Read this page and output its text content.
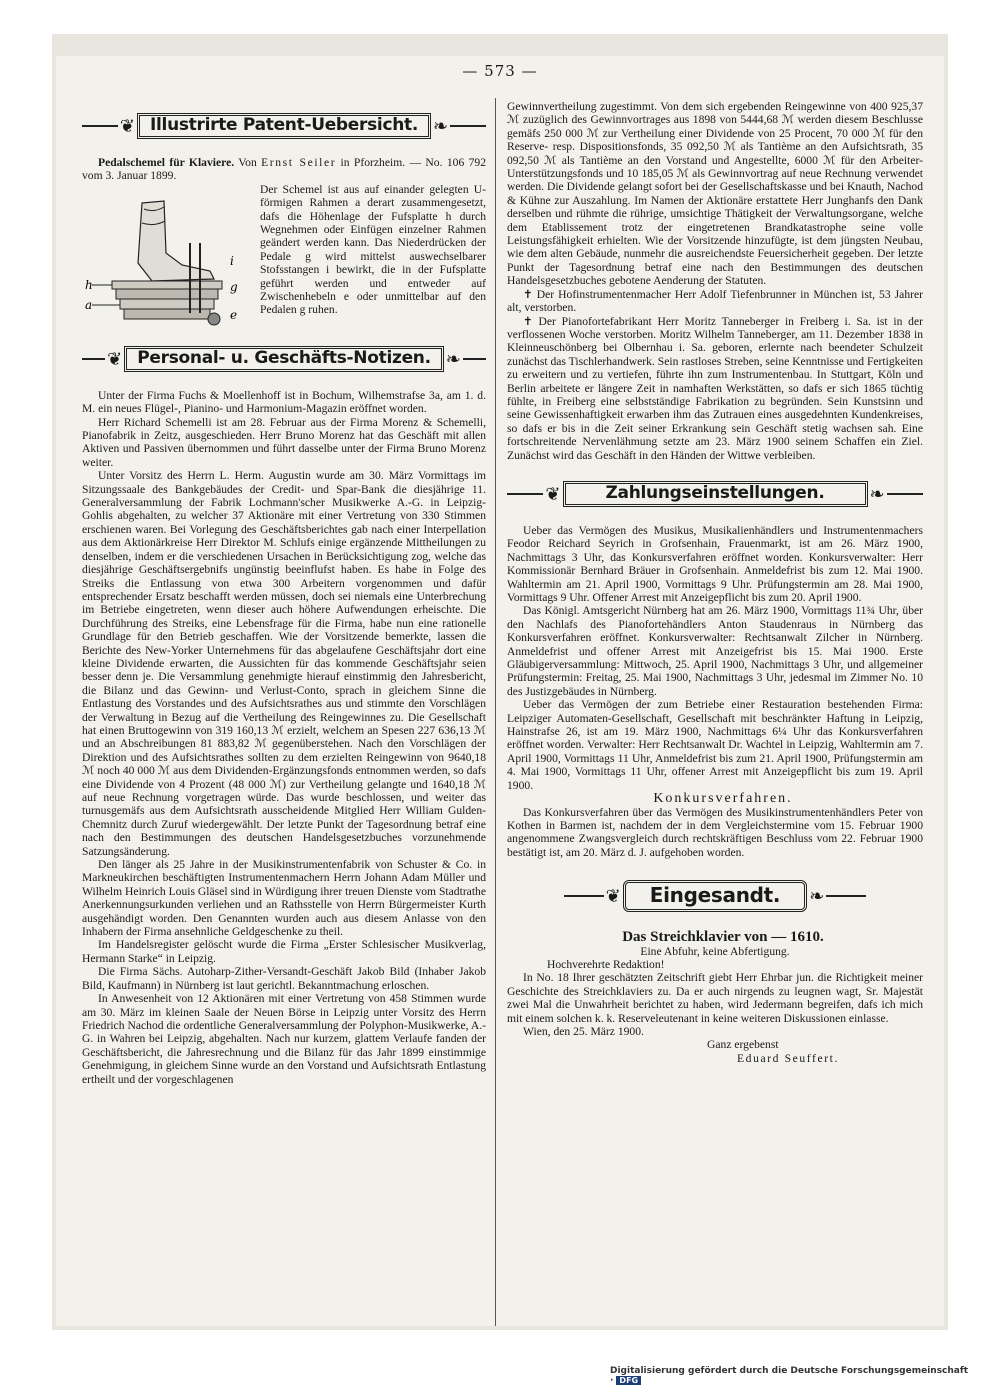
— 573 —
❦ Illustrirte Patent-Uebersicht. ❧

Pedalschemel für Klaviere. Von Ernst Seiler in Pforzheim. — No. 106 792 vom 3. Januar 1899.

h
a
i
g
e
Der Schemel ist aus auf einander gelegten U-förmigen Rahmen a derart zusammengesetzt, dafs die Höhenlage der Fufsplatte h durch Wegnehmen oder Einfügen einzelner Rahmen geändert werden kann. Das Niederdrücken der Pedale g wird mittelst auswechselbarer Stofsstangen i bewirkt, die in der Fufsplatte geführt werden und entweder auf Zwischenhebeln e oder unmittelbar auf den Pedalen g ruhen.
❦ Personal- u. Geschäfts-Notizen. ❧

Unter der Firma Fuchs & Moellenhoff ist in Bochum, Wilhemstrafse 3a, am 1. d. M. ein neues Flügel-, Pianino- und Harmonium-Magazin eröffnet worden.

Herr Richard Schemelli ist am 28. Februar aus der Firma Morenz & Schemelli, Pianofabrik in Zeitz, ausgeschieden. Herr Bruno Morenz hat das Geschäft mit allen Aktiven und Passiven übernommen und führt dasselbe unter der Firma Bruno Morenz weiter.

Unter Vorsitz des Herrn L. Herm. Augustin wurde am 30. März Vormittags im Sitzungssaale des Bankgebäudes der Credit- und Spar-Bank die diesjährige 11. Generalversammlung der Fabrik Lochmann'scher Musikwerke A.-G. in Leipzig-Gohlis abgehalten, zu welcher 37 Aktionäre mit einer Vertretung von 330 Stimmen erschienen waren. Bei Vorlegung des Geschäftsberichtes gab nach einer Interpellation aus dem Aktionärkreise Herr Direktor M. Schlufs einige ergänzende Mittheilungen zu denselben, indem er die verschiedenen Ursachen in Berücksichtigung zog, welche das diesjährige Geschäftsergebnifs ungünstig beeinflufst haben. Es habe in Folge des Streiks die Entlassung von etwa 300 Arbeitern vorgenommen und dafür entsprechender Ersatz beschafft werden müssen, doch sei niemals eine Unterbrechung im Betriebe eingetreten, wenn dieser auch höhere Aufwendungen erheischte. Die Durchführung des Streiks, eine Lebensfrage für die Firma, habe nun eine rationelle Grundlage für den Betrieb geschaffen. Wie der Vorsitzende bemerkte, lassen die Berichte des New-Yorker Unternehmens für das abgelaufene Geschäftsjahr dort eine kleine Dividende erwarten, die Aussichten für das kommende Geschäftsjahr seien besser denn je. Die Versammlung genehmigte hierauf einstimmig den Jahresbericht, die Bilanz und das Gewinn- und Verlust-Conto, sprach in gleichem Sinne die Entlastung des Vorstandes und des Aufsichtsrathes aus und stimmte den Vorschlägen der Verwaltung in Bezug auf die Vertheilung des Reingewinnes zu. Die Gesellschaft hat einen Bruttogewinn von 319 160,13 ℳ erzielt, welchem an Spesen 227 636,13 ℳ und an Abschreibungen 81 883,82 ℳ gegenüberstehen. Nach den Vorschlägen der Direktion und des Aufsichtsrathes sollten zu dem erzielten Reingewinn von 9640,18 ℳ noch 40 000 ℳ aus dem Dividenden-Ergänzungsfonds entnommen werden, so dafs eine Dividende von 4 Prozent (48 000 ℳ) zur Vertheilung gelangte und 1640,18 ℳ auf neue Rechnung vorgetragen würde. Das wurde beschlossen, und weiter das turnusgemäfs aus dem Aufsichtsrath ausscheidende Mitglied Herr William Gulden-Chemnitz durch Zuruf wiedergewählt. Der letzte Punkt der Tagesordnung betraf eine nach den Bestimmungen des deutschen Handelsgesetzbuches vorzunehmende Satzungsänderung.

Den länger als 25 Jahre in der Musikinstrumentenfabrik von Schuster & Co. in Markneukirchen beschäftigten Instrumentenmachern Herrn Johann Adam Müller und Wilhelm Heinrich Louis Gläsel sind in Würdigung ihrer treuen Dienste vom Stadtrathe Anerkennungsurkunden verliehen und an Rathsstelle von Herrn Bürgermeister Kurth ausgehändigt worden. Den Genannten wurden auch aus diesem Anlasse von den Inhabern der Firma ansehnliche Geldgeschenke zu theil.

Im Handelsregister gelöscht wurde die Firma „Erster Schlesischer Musikverlag, Hermann Starke“ in Leipzig.

Die Firma Sächs. Autoharp-Zither-Versandt-Geschäft Jakob Bild (Inhaber Jakob Bild, Kaufmann) in Nürnberg ist laut gerichtl. Bekanntmachung erloschen.

In Anwesenheit von 12 Aktionären mit einer Vertretung von 458 Stimmen wurde am 30. März im kleinen Saale der Neuen Börse in Leipzig unter Vorsitz des Herrn Friedrich Nachod die ordentliche Generalversammlung der Polyphon-Musikwerke, A.-G. in Wahren bei Leipzig, abgehalten. Nach nur kurzem, glattem Verlaufe fanden der Geschäftsbericht, die Jahresrechnung und die Bilanz für das Jahr 1899 einstimmige Genehmigung, in gleichem Sinne wurde an den Vorstand und Aufsichtsrath Entlastung ertheilt und der vorgeschlagenen

Gewinnvertheilung zugestimmt. Von dem sich ergebenden Reingewinne von 400 925,37 ℳ zuzüglich des Gewinnvortrages aus 1898 von 5444,68 ℳ werden diesem Beschlusse gemäfs 250 000 ℳ zur Vertheilung einer Dividende von 25 Procent, 70 000 ℳ für den Reserve- resp. Dispositionsfonds, 35 092,50 ℳ als Tantième an den Aufsichtsrath, 35 092,50 ℳ als Tantième an den Vorstand und Angestellte, 6000 ℳ für den Arbeiter-Unterstützungsfonds und 10 185,05 ℳ als Gewinnvortrag auf neue Rechnung verwendet werden. Die Dividende gelangt sofort bei der Gesellschaftskasse und bei Knauth, Nachod & Kühne zur Auszahlung. Im Namen der Aktionäre erstattete Herr Junghanfs den Dank derselben und rühmte die rührige, umsichtige Thätigkeit der Verwaltungsorgane, welche dem Etablissement trotz der eingetretenen Brandkatastrophe seine volle Leistungsfähigkeit erhielten. Wie der Vorsitzende hinzufügte, ist dem jüngsten Neubau, wie dem alten Gebäude, nunmehr die ausreichendste Feuersicherheit gegeben. Der letzte Punkt der Tagesordnung betraf eine nach den Bestimmungen des deutschen Handelsgesetzbuches gebotene Aenderung der Statuten.

✝ Der Hofinstrumentenmacher Herr Adolf Tiefenbrunner in München ist, 53 Jahrer alt, verstorben.

✝ Der Pianofortefabrikant Herr Moritz Tanneberger in Freiberg i. Sa. ist in der verflossenen Woche verstorben. Moritz Wilhelm Tanneberger, am 11. Dezember 1838 in Kleinneuschönberg bei Olbernhau i. Sa. geboren, erlernte nach beendeter Schulzeit zunächst das Tischlerhandwerk. Sein rastloses Streben, seine Kenntnisse und Fertigkeiten zu erweitern und zu vertiefen, führte ihn zum Instrumentenbau. In Stuttgart, Köln und Berlin arbeitete er längere Zeit in namhaften Werkstätten, so dafs er sich 1865 tüchtig fühlte, in Freiberg eine selbstständige Fabrikation zu begründen. Sein Kunstsinn und seine Gewissenhaftigkeit erwarben ihm das Zutrauen eines ausgedehnten Kundenkreises, so dafs er bis in die Zeit seiner Erkrankung sein Geschäft stetig wachsen sah. Eine fortschreitende Nervenlähmung setzte am 23. März 1900 seinem Schaffen ein Ziel. Zunächst wird das Geschäft in den Händen der Wittwe verbleiben.

❦	Zahlungseinstellungen.	❧

Ueber das Vermögen des Musikus, Musikalienhändlers und Instrumentenmachers Feodor Reichard Seyrich in Grofsenhain, Frauenmarkt, ist am 26. März 1900, Nachmittags 3 Uhr, das Konkursverfahren eröffnet worden. Konkursverwalter: Herr Kommissionär Bernhard Bräuer in Grofsenhain. Anmeldefrist bis zum 12. Mai 1900. Wahltermin am 21. April 1900, Vormittags 9 Uhr. Prüfungstermin am 28. Mai 1900, Vormittags 9 Uhr. Offener Arrest mit Anzeigepflicht bis zum 20. April 1900.

Das Königl. Amtsgericht Nürnberg hat am 26. März 1900, Vormittags 11¾ Uhr, über den Nachlafs des Pianofortehändlers Anton Staudenraus in Nürnberg das Konkursverfahren eröffnet. Konkursverwalter: Rechtsanwalt Zilcher in Nürnberg. Anmeldefrist und offener Arrest mit Anzeigefrist bis 15. Mai 1900. Erste Gläubigerversammlung: Mittwoch, 25. April 1900, Nachmittags 3 Uhr, und allgemeiner Prüfungstermin: Freitag, 25. Mai 1900, Nachmittags 3 Uhr, jedesmal im Zimmer No. 10 des Justizgebäudes in Nürnberg.

Ueber das Vermögen der zum Betriebe einer Restauration bestehenden Firma: Leipziger Automaten-Gesellschaft, Gesellschaft mit beschränkter Haftung in Leipzig, Hainstrafse 26, ist am 19. März 1900, Nachmittags 6¼ Uhr das Konkursverfahren eröffnet worden. Verwalter: Herr Rechtsanwalt Dr. Wachtel in Leipzig, Wahltermin am 7. April 1900, Vormittags 11 Uhr, Anmeldefrist bis zum 21. April 1900, Prüfungstermin am 4. Mai 1900, Vormittags 11 Uhr, offener Arrest mit Anzeigepflicht bis zum 19. April 1900.

Konkursverfahren.

Das Konkursverfahren über das Vermögen des Musikinstrumentenhändlers Peter von Kothen in Barmen ist, nachdem der in dem Vergleichstermine vom 15. Februar 1900 angenommene Zwangsvergleich durch rechtskräftigen Beschluss vom 22. Februar 1900 bestätigt ist, am 20. März d. J. aufgehoben worden.

❦	Eingesandt.	❧

Das Streichklavier von — 1610.

Eine Abfuhr, keine Abfertigung.

Hochverehrte Redaktion!

In No. 18 Ihrer geschätzten Zeitschrift giebt Herr Ehrbar jun. die Richtigkeit meiner Geschichte des Streichklaviers zu. Da er auch nirgends zu leugnen wagt, Sr. Majestät zwei Mal die Unwahrheit berichtet zu haben, wird Jedermann begreifen, dafs ich mich mit einem solchen k. k. Reserveleutenant in keine weiteren Diskussionen einlasse.

Wien, den 25. März 1900.

Ganz ergebenst

Eduard Seuffert.

Digitalisierung gefördert durch die Deutsche Forschungsgemeinschaft · DFG
